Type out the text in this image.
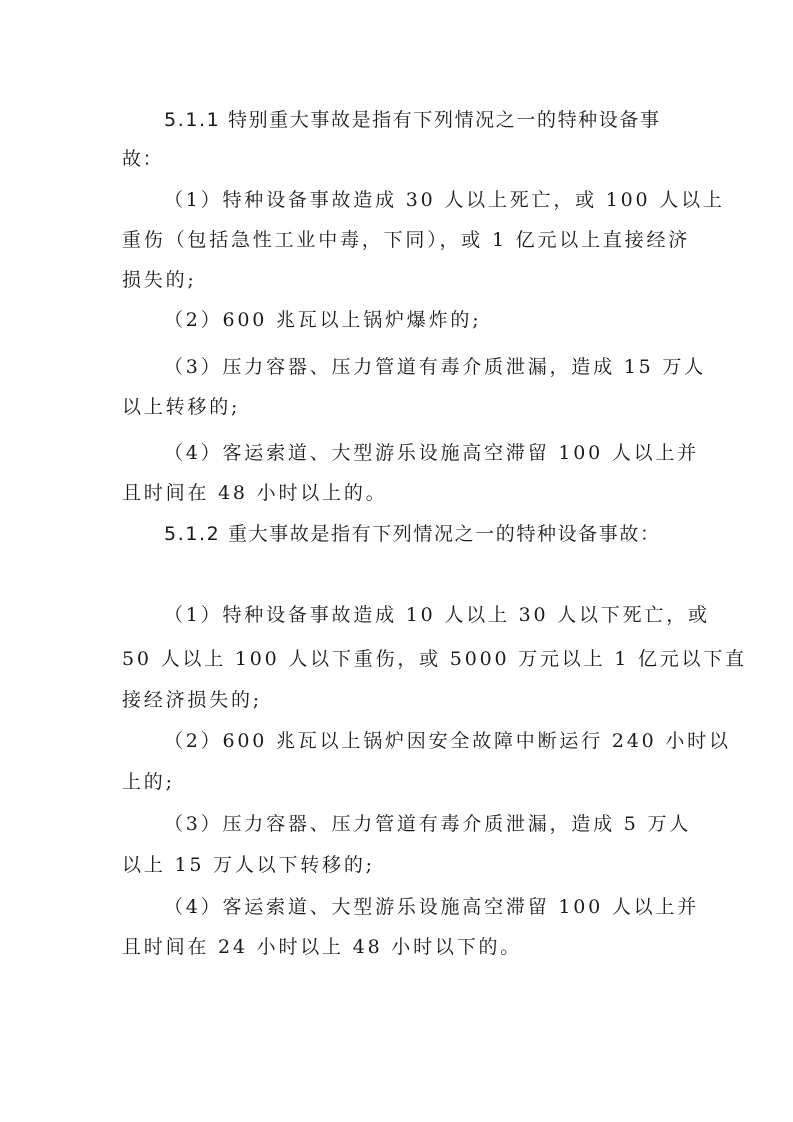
5.1.1 特别重大事故是指有下列情况之一的特种设备事

故：

（1）特种设备事故造成 30 人以上死亡，或 100 人以上

重伤（包括急性工业中毒，下同），或 1 亿元以上直接经济

损失的;

（2）600 兆瓦以上锅炉爆炸的;

（3）压力容器、压力管道有毒介质泄漏，造成 15 万人

以上转移的;

（4）客运索道、大型游乐设施高空滞留 100 人以上并

且时间在 48 小时以上的。

5.1.2 重大事故是指有下列情况之一的特种设备事故：

（1）特种设备事故造成 10 人以上 30 人以下死亡，或

50 人以上 100 人以下重伤，或 5000 万元以上 1 亿元以下直

接经济损失的;

（2）600 兆瓦以上锅炉因安全故障中断运行 240 小时以

上的;

（3）压力容器、压力管道有毒介质泄漏，造成 5 万人

以上 15 万人以下转移的;

（4）客运索道、大型游乐设施高空滞留 100 人以上并

且时间在 24 小时以上 48 小时以下的。
